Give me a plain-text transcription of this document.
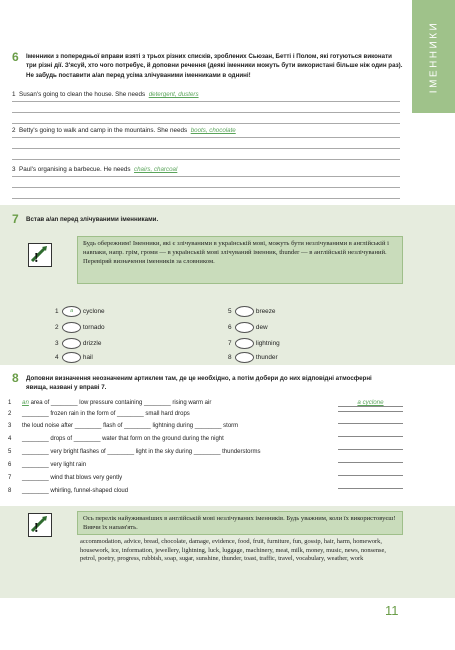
ІМЕННИКИ
6 Іменники з попередньої вправи взяті з трьох різних списків, зроблених Сьюзан, Бетті і Полом, які готуються виконати три різні дії. З'ясуй, хто чого потребує, й доповни речення (деякі іменники можуть бути використані більше ніж один раз). Не забудь поставити a/an перед усіма злічуваними іменниками в однині!
1 Susan's going to clean the house. She needs detergent, dusters
2 Betty's going to walk and camp in the mountains. She needs boots, chocolate
3 Paul's organising a barbecue. He needs chairs, charcoal
7 Встав a/an перед злічуваними іменниками.
!
Будь обережним! Іменники, які є злічуваними в українській мові, можуть бути незлічуваними в англійській і навпаки, напр. грім, громи — в українській мові злічуваний іменник, thunder — в англійській незлічуваний. Перевіряй визначення іменників за словником.
1 a cyclone
2	tornado
3	drizzle
4	hail
5	breeze
6	dew
7	lightning
8	thunder
8 Доповни визначення неозначеним артиклем там, де це необхідно, а потім добери до них відповідні атмосферні явища, названі у вправі 7.
1 an area of ________ low pressure containing ________ rising warm air	a cyclone
2 ________ frozen rain in the form of ________ small hard drops
3 the loud noise after ________ flash of ________ lightning during ________ storm
4 ________ drops of ________ water that form on the ground during the night
5 ________ very bright flashes of ________ light in the sky during ________ thunderstorms
6 ________ very light rain
7 ________ wind that blows very gently
8 ________ whirling, funnel-shaped cloud
!
Ось перелік найуживаніших в англійській мові незлічуваних іменників. Будь уважним, коли їх використовуєш! Вивчи їх напам'ять.
accommodation, advice, bread, chocolate, damage, evidence, food, fruit, furniture, fun, gossip, hair, harm, homework, housework, ice, information, jewellery, lightning, luck, luggage, machinery, meat, milk, money, music, news, nonsense, petrol, poetry, progress, rubbish, soap, sugar, sunshine, thunder, toast, traffic, travel, vocabulary, weather, work
11
